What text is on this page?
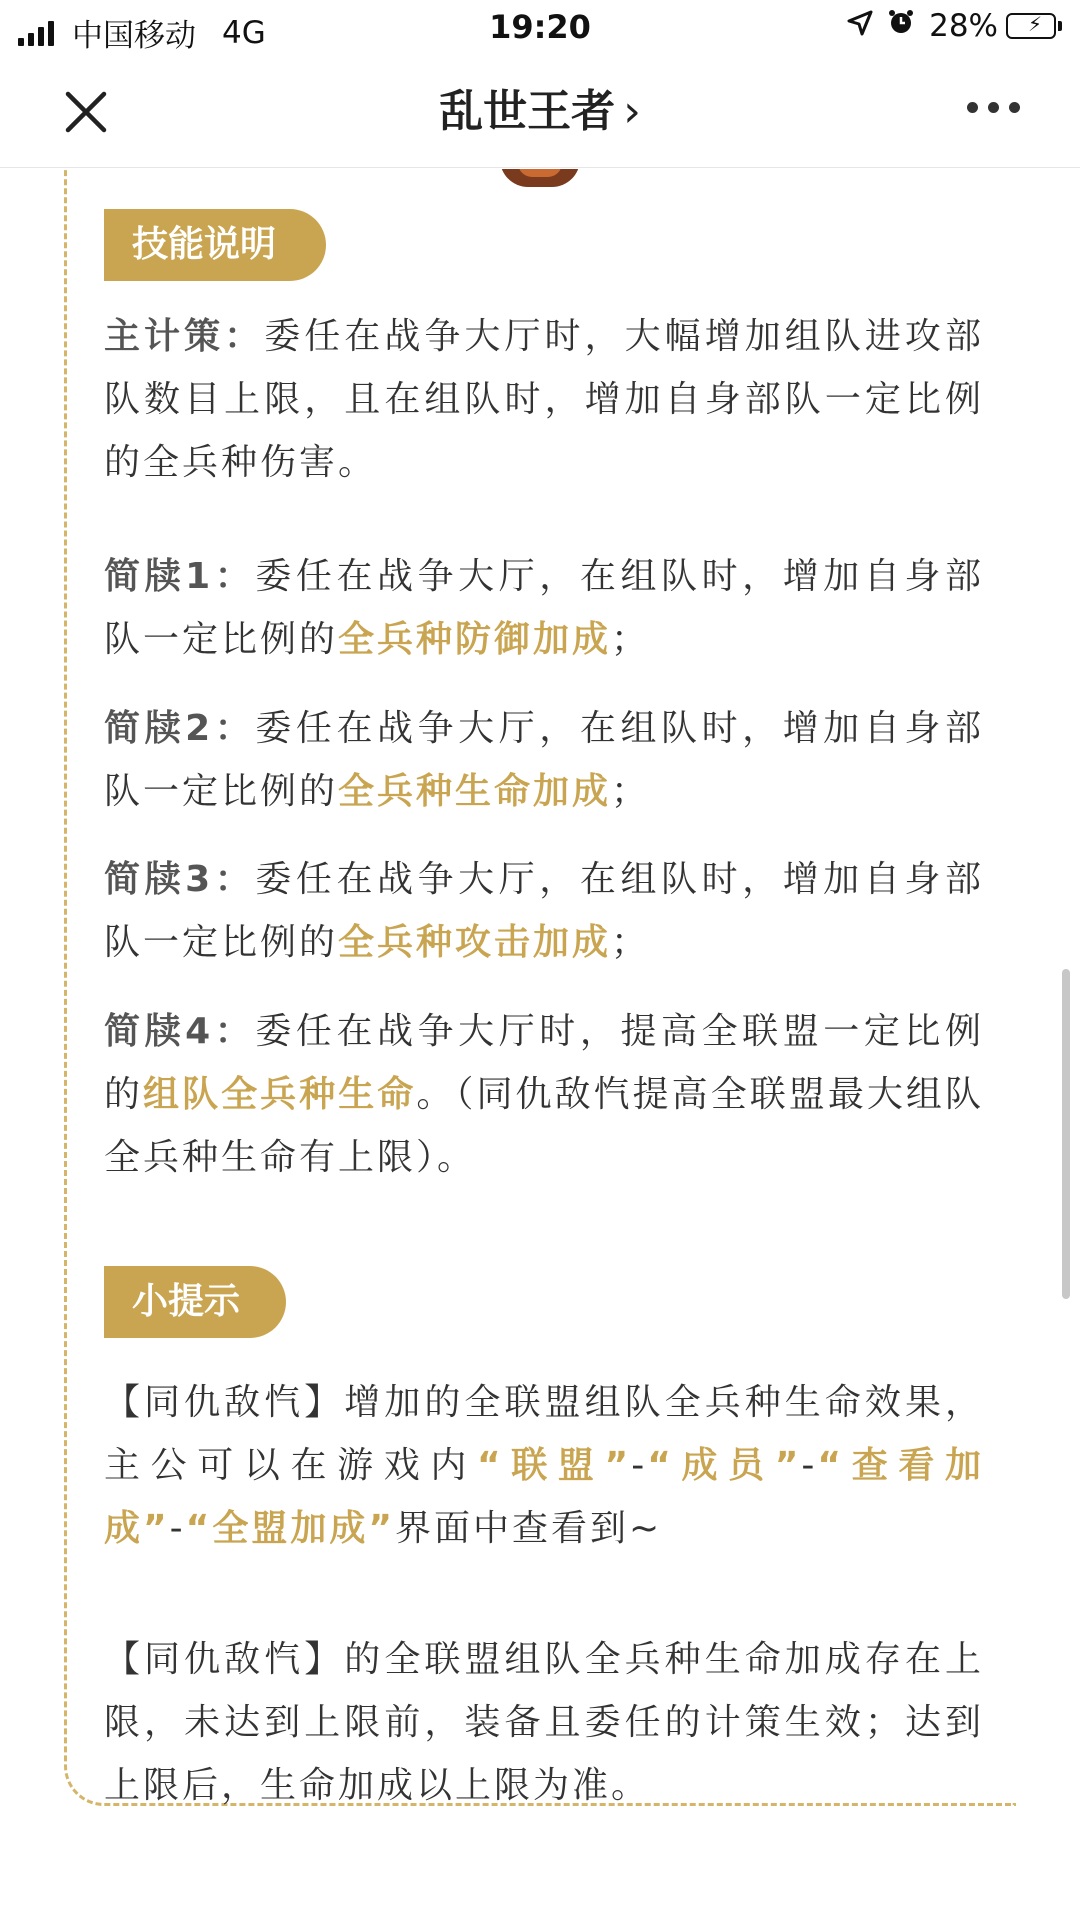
中国移动 4G	19:20	28% ⚡
乱世王者 ›
技能说明

主计策：委任在战争大厅时，大幅增加组队进攻部队数目上限，且在组队时，增加自身部队一定比例的全兵种伤害。

简牍1：委任在战争大厅，在组队时，增加自身部队一定比例的全兵种防御加成；

简牍2：委任在战争大厅，在组队时，增加自身部队一定比例的全兵种生命加成；

简牍3：委任在战争大厅，在组队时，增加自身部队一定比例的全兵种攻击加成；

简牍4：委任在战争大厅时，提高全联盟一定比例的组队全兵种生命。（同仇敌忾提高全联盟最大组队全兵种生命有上限）。

小提示

【同仇敌忾】增加的全联盟组队全兵种生命效果，主公可以在游戏内“联盟”-“成员”-“查看加成”-“全盟加成”界面中查看到~

【同仇敌忾】的全联盟组队全兵种生命加成存在上限，未达到上限前，装备且委任的计策生效；达到上限后，生命加成以上限为准。
